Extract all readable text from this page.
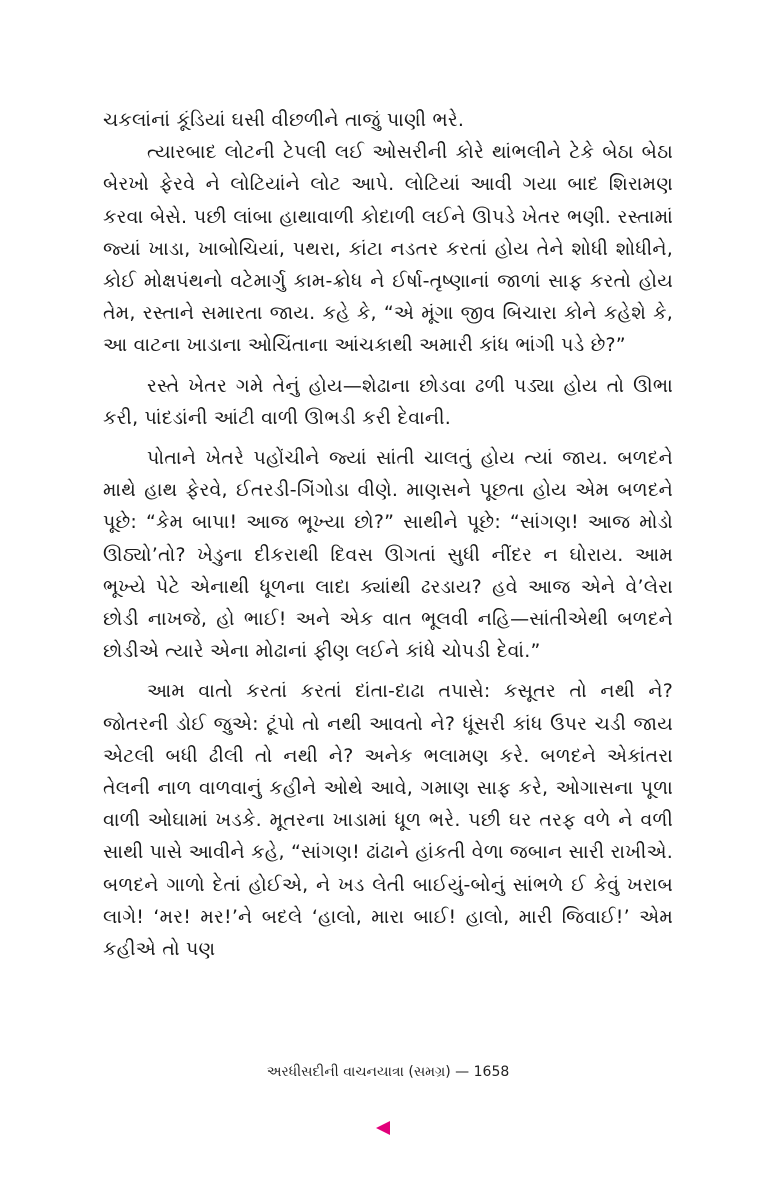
ચકલાંનાં કૂંડિયાં ઘસી વીછળીને તાજું પાણી ભરે.

ત્યારબાદ લોટની ટેપલી લઈ ઓસરીની કોરે થાંભલીને ટેકે બેઠા બેઠા બેરખો ફેરવે ને લોટિયાંને લોટ આપે. લોટિયાં આવી ગયા બાદ શિરામણ કરવા બેસે. પછી લાંબા હાથાવાળી કોદાળી લઈને ઊપડે ખેતર ભણી. રસ્તામાં જ્યાં ખાડા, ખાબોચિયાં, પથરા, કાંટા નડતર કરતાં હોય તેને શોધી શોધીને, કોઈ મોક્ષપંથનો વટેમાર્ગુ કામ-ક્રોધ ને ઈર્ષા-તૃષ્ણાનાં જાળાં સાફ કરતો હોય તેમ, રસ્તાને સમારતા જાય. કહે કે, “એ મૂંગા જીવ બિચારા કોને કહેશે કે, આ વાટના ખાડાના ઓચિંતાના આંચકાથી અમારી કાંધ ભાંગી પડે છે?”

રસ્તે ખેતર ગમે તેનું હોય—શેઢાના છોડવા ઢળી પડ્યા હોય તો ઊભા કરી, પાંદડાંની આંટી વાળી ઊભડી કરી દેવાની.

પોતાને ખેતરે પહોંચીને જ્યાં સાંતી ચાલતું હોય ત્યાં જાય. બળદને માથે હાથ ફેરવે, ઈતરડી-ગિંગોડા વીણે. માણસને પૂછતા હોય એમ બળદને પૂછે: “કેમ બાપા! આજ ભૂખ્યા છો?” સાથીને પૂછે: “સાંગણ! આજ મોડો ઊઠ્યો’તો? ખેડુના દીકરાથી દિવસ ઊગતાં સુધી નીંદર ન ઘોરાય. આમ ભૂખ્યે પેટે એનાથી ધૂળના લાદા ક્યાંથી ઢરડાય? હવે આજ એને વે’લેરા છોડી નાખજે, હો ભાઈ! અને એક વાત ભૂલવી નહિ—સાંતીએથી બળદને છોડીએ ત્યારે એના મોઢાનાં ફીણ લઈને કાંધે ચોપડી દેવાં.”

આમ વાતો કરતાં કરતાં દાંતા-દાઢા તપાસે: કસૂતર તો નથી ને? જોતરની ડોઈ જુએ: ટૂંપો તો નથી આવતો ને? ધૂંસરી કાંધ ઉપર ચડી જાય એટલી બધી ઢીલી તો નથી ને? અનેક ભલામણ કરે. બળદને એકાંતરા તેલની નાળ વાળવાનું કહીને ઓથે આવે, ગમાણ સાફ કરે, ઓગાસના પૂળા વાળી ઓઘામાં ખડકે. મૂતરના ખાડામાં ધૂળ ભરે. પછી ઘર તરફ વળે ને વળી સાથી પાસે આવીને કહે, “સાંગણ! ઢાંઢાને હાંકતી વેળા જબાન સારી રાખીએ. બળદને ગાળો દેતાં હોઈએ, ને ખડ લેતી બાઈયું-બોનું સાંભળે ઈ કેવું ખરાબ લાગે! ‘મર! મર!’ને બદલે ‘હાલો, મારા બાઈ! હાલો, મારી જિવાઈ!’ એમ કહીએ તો પણ

અરધીસદીની વાચનયાત્રા (સમગ્ર) — 1658
